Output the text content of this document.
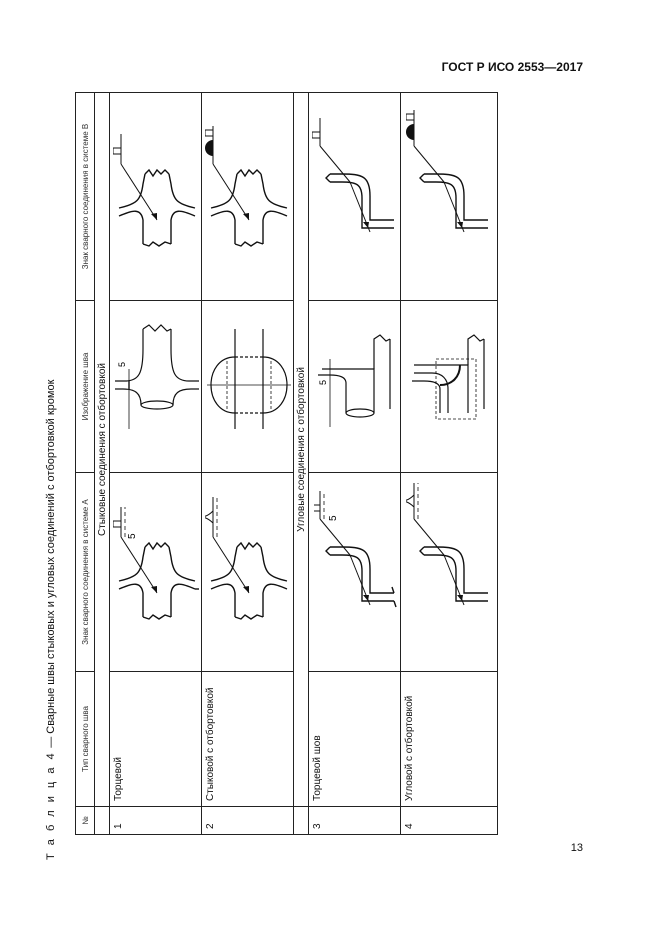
ГОСТ Р ИСО 2553—2017
Т а б л и ц а 4 — Сварные швы стыковых и угловых соединений с отбортовкой кромок
№	Тип сварного шва	Знак сварного соединения в системе A	Изображение шва	Знак сварного соединения в системе B
	Стыковые соединения с отбортовкой			
1	Торцевой	5	5

2	Стыковой с отбортовкой	

	Угловые соединения с отбортовкой			
3	Торцевой шов	5	5

4	Угловой с отбортовкой	

13
